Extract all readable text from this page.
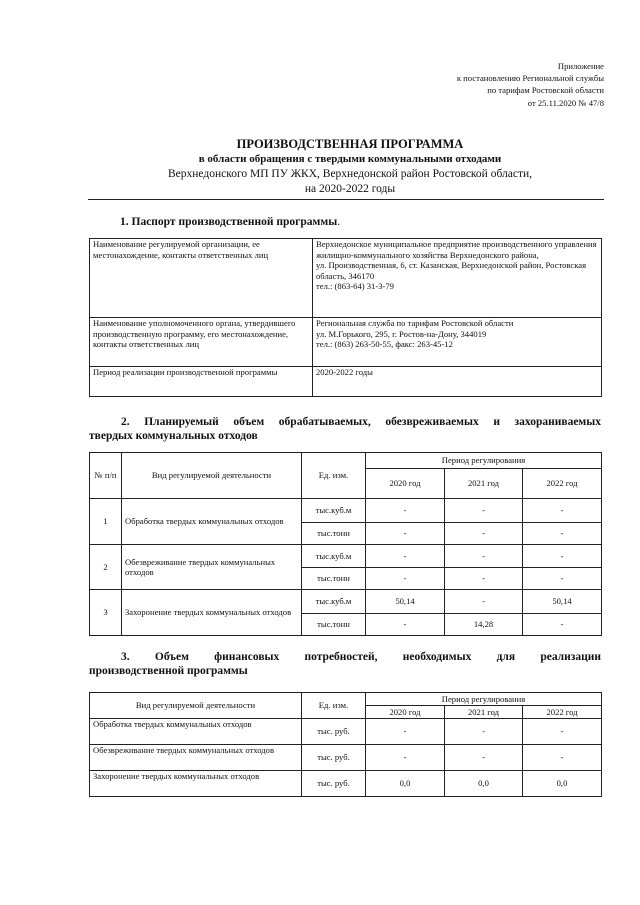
Приложение
к постановлению Региональной службы
по тарифам Ростовской области
от 25.11.2020 № 47/8
ПРОИЗВОДСТВЕННАЯ ПРОГРАММА
в области обращения с твердыми коммунальными отходами
Верхнедонского МП ПУ ЖКХ, Верхнедонской район Ростовской области,
на 2020-2022 годы
1. Паспорт производственной программы.
Наименование регулируемой организации, ее местонахождение, контакты ответственных лиц	Верхнедонское муниципальное предприятие производственного управления жилищно-коммунального хозяйства Верхнедонского района,
ул. Производственная, 6, ст. Казанская, Верхнедонской район, Ростовская область, 346170
тел.: (863-64) 31-3-79

Наименование уполномоченного органа, утвердившего производственную программу, его местонахождение, контакты ответственных лиц	Региональная служба по тарифам Ростовской области
ул. М.Горького, 295, г. Ростов-на-Дону, 344019
тел.: (863) 263-50-55, факс: 263-45-12

Период реализации производственной программы	2020-2022 годы
2. Планируемый объем обрабатываемых, обезвреживаемых и захораниваемых
твердых коммунальных отходов
№ п/п	Вид регулируемой деятельности	Ед. изм.	Период регулирования		
			2020 год	2021 год	2022 год
1	Обработка твердых коммунальных отходов	тыс.куб.м	-	-	-
		тыс.тонн	-	-	-
2	Обезвреживание твердых коммунальных отходов	тыс.куб.м	-	-	-
		тыс.тонн	-	-	-
3	Захоронение твердых коммунальных отходов	тыс.куб.м	50,14	-	50,14
		тыс.тонн	-	14,28	-
3. Объем финансовых потребностей, необходимых для реализации
производственной программы
Вид регулируемой деятельности	Ед. изм.	Период регулирования		
		2020 год	2021 год	2022 год
Обработка твердых коммунальных отходов	тыс. руб.	-	-	-
Обезвреживание твердых коммунальных отходов	тыс. руб.	-	-	-
Захоронение твердых коммунальных отходов	тыс. руб.	0,0	0,0	0,0
